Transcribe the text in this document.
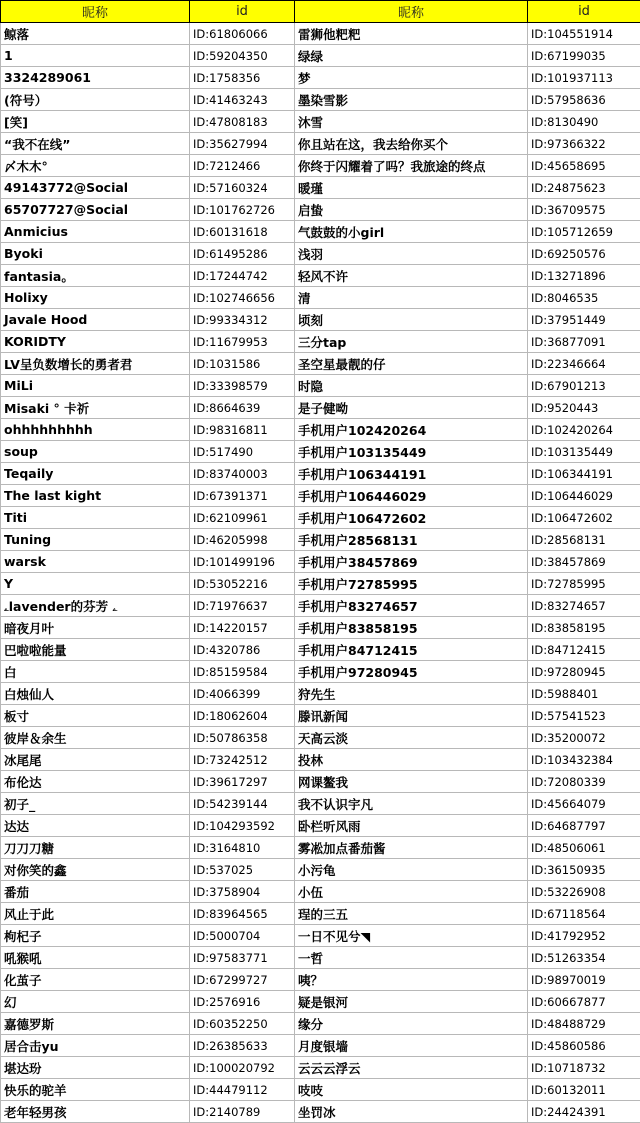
昵称	id	昵称	id
鲸落	ID:61806066	雷狮他粑粑	ID:104551914
1	ID:59204350	绿绿	ID:67199035
3324289061	ID:1758356	梦	ID:101937113
(符号）	ID:41463243	墨染雪影	ID:57958636
[笑]	ID:47808183	沐雪	ID:8130490
“我不在线”	ID:35627994	你且站在这，我去给你买个	ID:97366322
〆木木°	ID:7212466	你终于闪耀着了吗？我旅途的终点	ID:45658695
49143772@Social	ID:57160324	暖瑾	ID:24875623
65707727@Social	ID:101762726	启蛰	ID:36709575
Anmicius	ID:60131618	气鼓鼓的小girl	ID:105712659
Byoki	ID:61495286	浅羽	ID:69250576
fantasia。	ID:17244742	轻风不许	ID:13271896
Holixy	ID:102746656	清	ID:8046535
Javale Hood	ID:99334312	顷刻	ID:37951449
KORIDTY	ID:11679953	三分tap	ID:36877091
LV呈负数增长的勇者君	ID:1031586	圣空星最靓的仔	ID:22346664
MiLi	ID:33398579	时隐	ID:67901213
Misaki ° 卡祈	ID:8664639	是子健呦	ID:9520443
ohhhhhhhhh	ID:98316811	手机用户102420264	ID:102420264
soup	ID:517490	手机用户103135449	ID:103135449
Teqaily	ID:83740003	手机用户106344191	ID:106344191
The last kight	ID:67391371	手机用户106446029	ID:106446029
Titi	ID:62109961	手机用户106472602	ID:106472602
Tuning	ID:46205998	手机用户28568131	ID:28568131
warsk	ID:101499196	手机用户38457869	ID:38457869
Y	ID:53052216	手机用户72785995	ID:72785995
ۦlavender的芬芳 ۦ	ID:71976637	手机用户83274657	ID:83274657
暗夜月叶	ID:14220157	手机用户83858195	ID:83858195
巴啦啦能量	ID:4320786	手机用户84712415	ID:84712415
白	ID:85159584	手机用户97280945	ID:97280945
白烛仙人	ID:4066399	狩先生	ID:5988401
板寸	ID:18062604	滕讯新闻	ID:57541523
彼岸＆余生	ID:50786358	天高云淡	ID:35200072
冰尾尾	ID:73242512	投林	ID:103432384
布伦达	ID:39617297	网课鳌我	ID:72080339
初子_	ID:54239144	我不认识宇凡	ID:45664079
达达	ID:104293592	卧栏听风雨	ID:64687797
刀刀刀糖	ID:3164810	雾凇加点番茄酱	ID:48506061
对你笑的鑫	ID:537025	小污龟	ID:36150935
番茄	ID:3758904	小伍	ID:53226908
风止于此	ID:83964565	珵的三五	ID:67118564
枸杞子	ID:5000704	一日不见兮◥	ID:41792952
吼猴吼	ID:97583771	一哲	ID:51263354
化茧子	ID:67299727	咦？	ID:98970019
幻	ID:2576916	疑是银河	ID:60667877
嘉德罗斯	ID:60352250	缘分	ID:48488729
居合击yu	ID:26385633	月度银墙	ID:45860586
堪达玢	ID:100020792	云云云浮云	ID:10718732
快乐的驼羊	ID:44479112	吱吱	ID:60132011
老年轻男孩	ID:2140789	坐罚冰	ID:24424391
